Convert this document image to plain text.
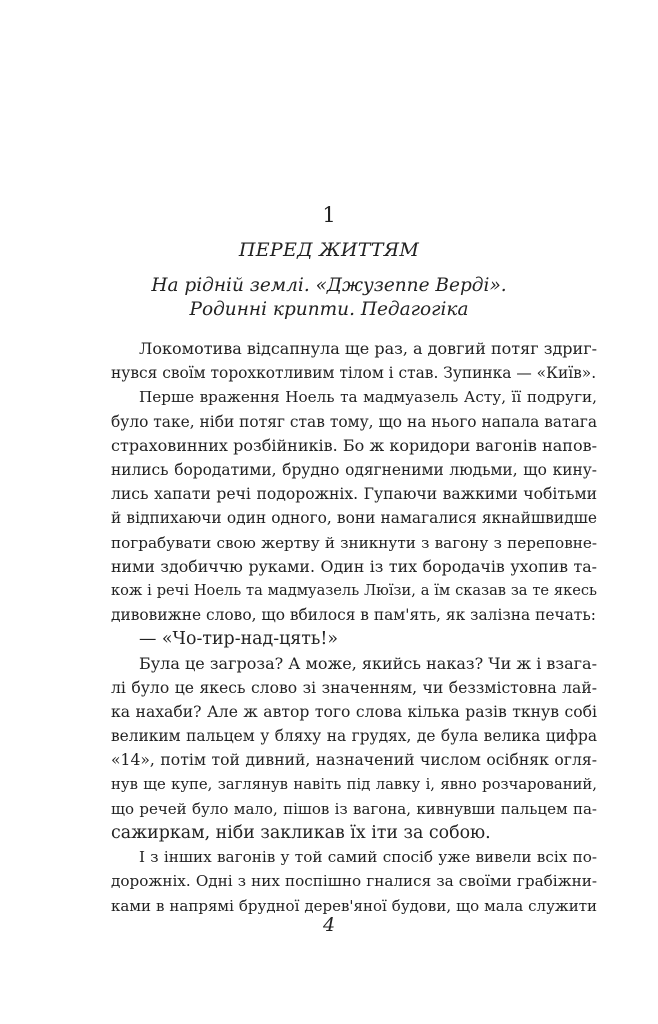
1
ПЕРЕД ЖИТТЯМ
На рідній землі. «Джузеппе Верді».
Родинні крипти. Педагогіка
Локомотива відсапнула ще раз, а довгий потяг здриг-
нувся своїм торохкотливим тілом і став. Зупинка — «Київ».
Перше враження Ноель та мадмуазель Асту, її подруги,
було таке, ніби потяг став тому, що на нього напала ватага
страховинних розбійників. Бо ж коридори вагонів напов-
нились бородатими, брудно одягненими людьми, що кину-
лись хапати речі подорожніх. Гупаючи важкими чобітьми
й відпихаючи один одного, вони намагалися якнайшвидше
пограбувати свою жертву й зникнути з вагону з переповне-
ними здобиччю руками. Один із тих бородачів ухопив та-
кож і речі Ноель та мадмуазель Люїзи, а їм сказав за те якесь
дивовижне слово, що вбилося в пам'ять, як залізна печать:
— «Чо-тир-над-цять!»
Була це загроза? А може, якийсь наказ? Чи ж і взага-
лі було це якесь слово зі значенням, чи беззмістовна лай-
ка нахаби? Але ж автор того слова кілька разів ткнув собі
великим пальцем у бляху на грудях, де була велика цифра
«14», потім той дивний, назначений числом осібняк огля-
нув ще купе, заглянув навіть під лавку і, явно розчарований,
що речей було мало, пішов із вагона, кивнувши пальцем па-
сажиркам, ніби закликав їх іти за собою.
І з інших вагонів у той самий спосіб уже вивели всіх по-
дорожніх. Одні з них поспішно гналися за своїми грабіжни-
ками в напрямі брудної дерев'яної будови, що мала служити
4
